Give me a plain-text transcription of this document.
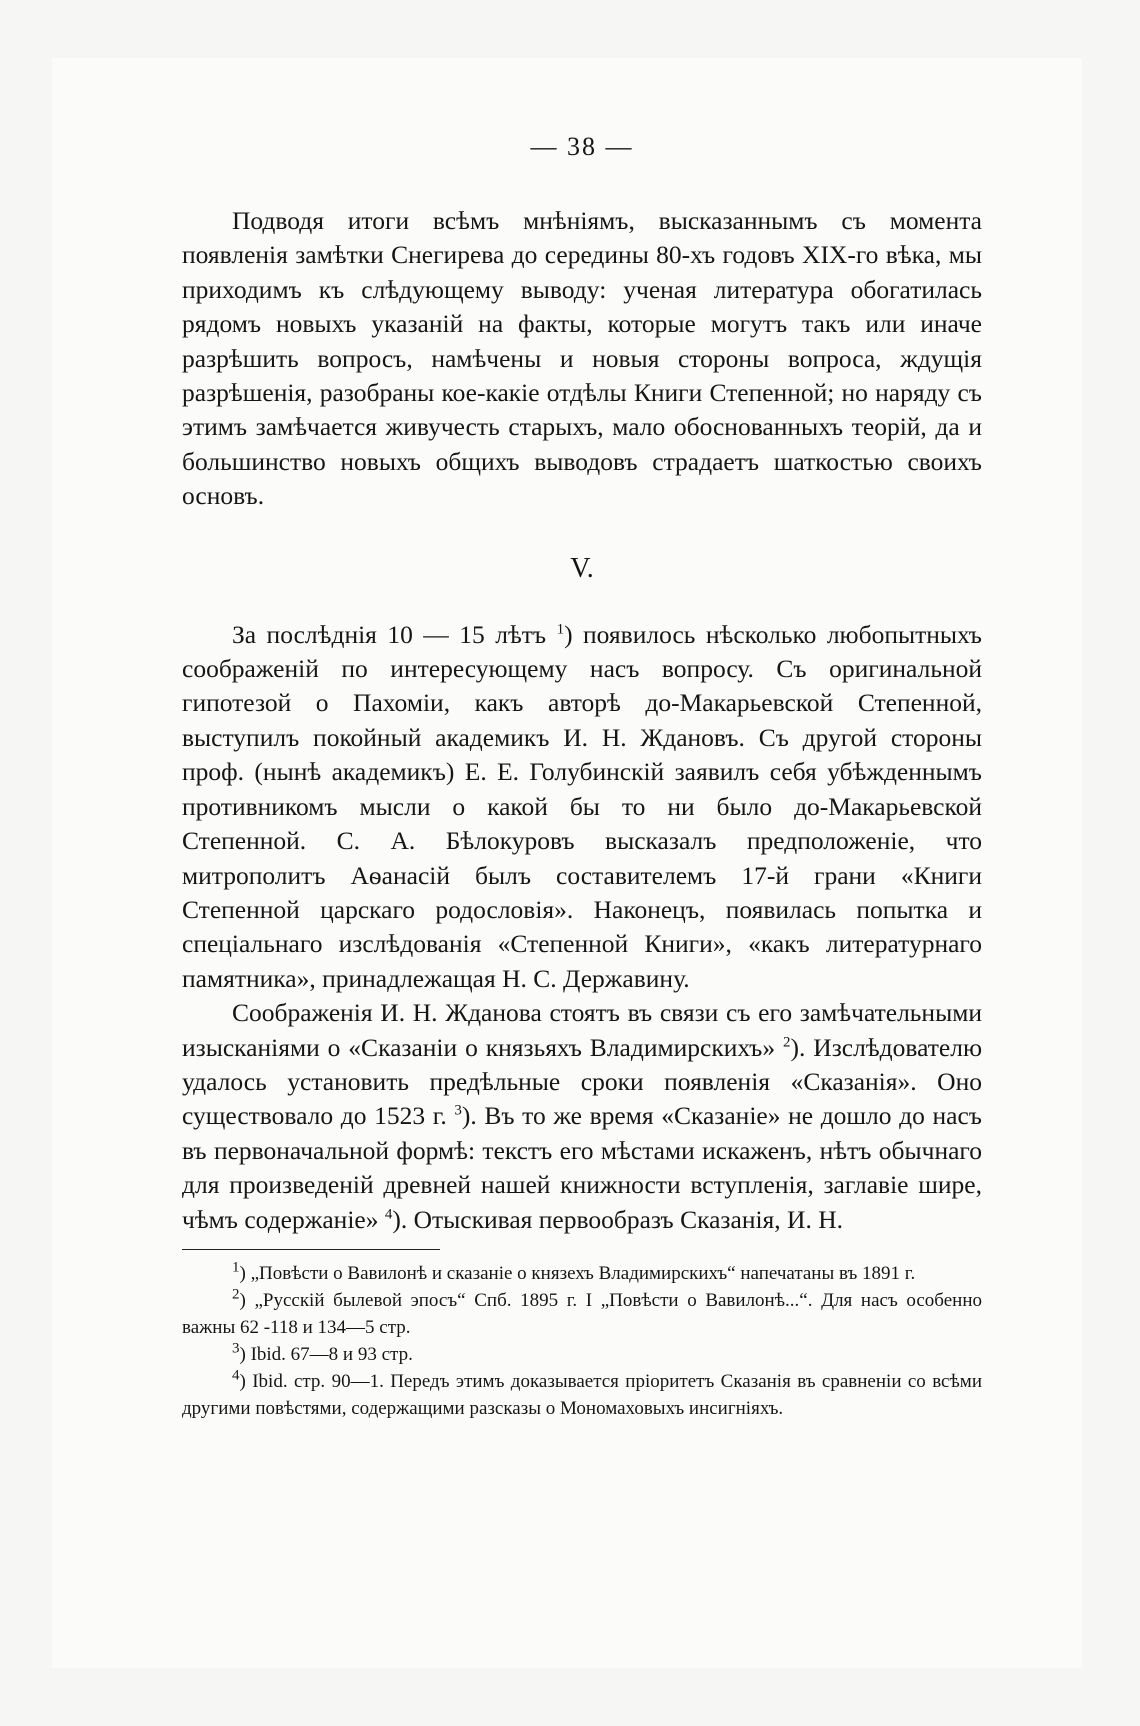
— 38 —

Подводя итоги всѣмъ мнѣніямъ, высказаннымъ съ момента появленія замѣтки Снегирева до середины 80-хъ годовъ XIX-го вѣка, мы приходимъ къ слѣдующему выводу: ученая литература обогатилась рядомъ новыхъ указаній на факты, которые могутъ такъ или иначе разрѣшить вопросъ, намѣчены и новыя стороны вопроса, ждущія разрѣшенія, разобраны кое-какіе отдѣлы Книги Степенной; но наряду съ этимъ замѣчается живучесть старыхъ, мало обоснованныхъ теорій, да и большинство новыхъ общихъ выводовъ страдаетъ шаткостью своихъ основъ.

V.

За послѣднія 10 — 15 лѣтъ $^1$) появилось нѣсколько любопытныхъ соображеній по интересующему насъ вопросу. Съ оригинальной гипотезой о Пахоміи, какъ авторѣ до-Макарьевской Степенной, выступилъ покойный академикъ И. Н. Ждановъ. Съ другой стороны проф. (нынѣ академикъ) Е. Е. Голубинскій заявилъ себя убѣжденнымъ противникомъ мысли о какой бы то ни было до-Макарьевской Степенной. С. А. Бѣлокуровъ высказалъ предположеніе, что митрополитъ Аѳанасій былъ составителемъ 17-й грани «Книги Степенной царскаго родословія». Наконецъ, появилась попытка и спеціальнаго изслѣдованія «Степенной Книги», «какъ литературнаго памятника», принадлежащая Н. С. Державину.

Соображенія И. Н. Жданова стоятъ въ связи съ его замѣчательными изысканіями о «Сказаніи о князьяхъ Владимирскихъ» $^2$). Изслѣдователю удалось установить предѣльные сроки появленія «Сказанія». Оно существовало до 1523 г. $^3$). Въ то же время «Сказаніе» не дошло до насъ въ первоначальной формѣ: текстъ его мѣстами искаженъ, нѣтъ обычнаго для произведеній древней нашей книжности вступленія, заглавіе шире, чѣмъ содержаніе» $^4$). Отыскивая первообразъ Сказанія, И. Н.

$^1$) „Повѣсти о Вавилонѣ и сказаніе о князехъ Владимирскихъ“ напечатаны въ 1891 г.

$^2$) „Русскій былевой эпосъ“ Спб. 1895 г. I „Повѣсти о Вавилонѣ...“. Для насъ особенно важны 62 -118 и 134—5 стр.

$^3$) Ibid. 67—8 и 93 стр.

$^4$) Ibid. стр. 90—1. Передъ этимъ доказывается пріоритетъ Сказанія въ сравненіи со всѣми другими повѣстями, содержащими разсказы о Мономаховыхъ инсигніяхъ.
